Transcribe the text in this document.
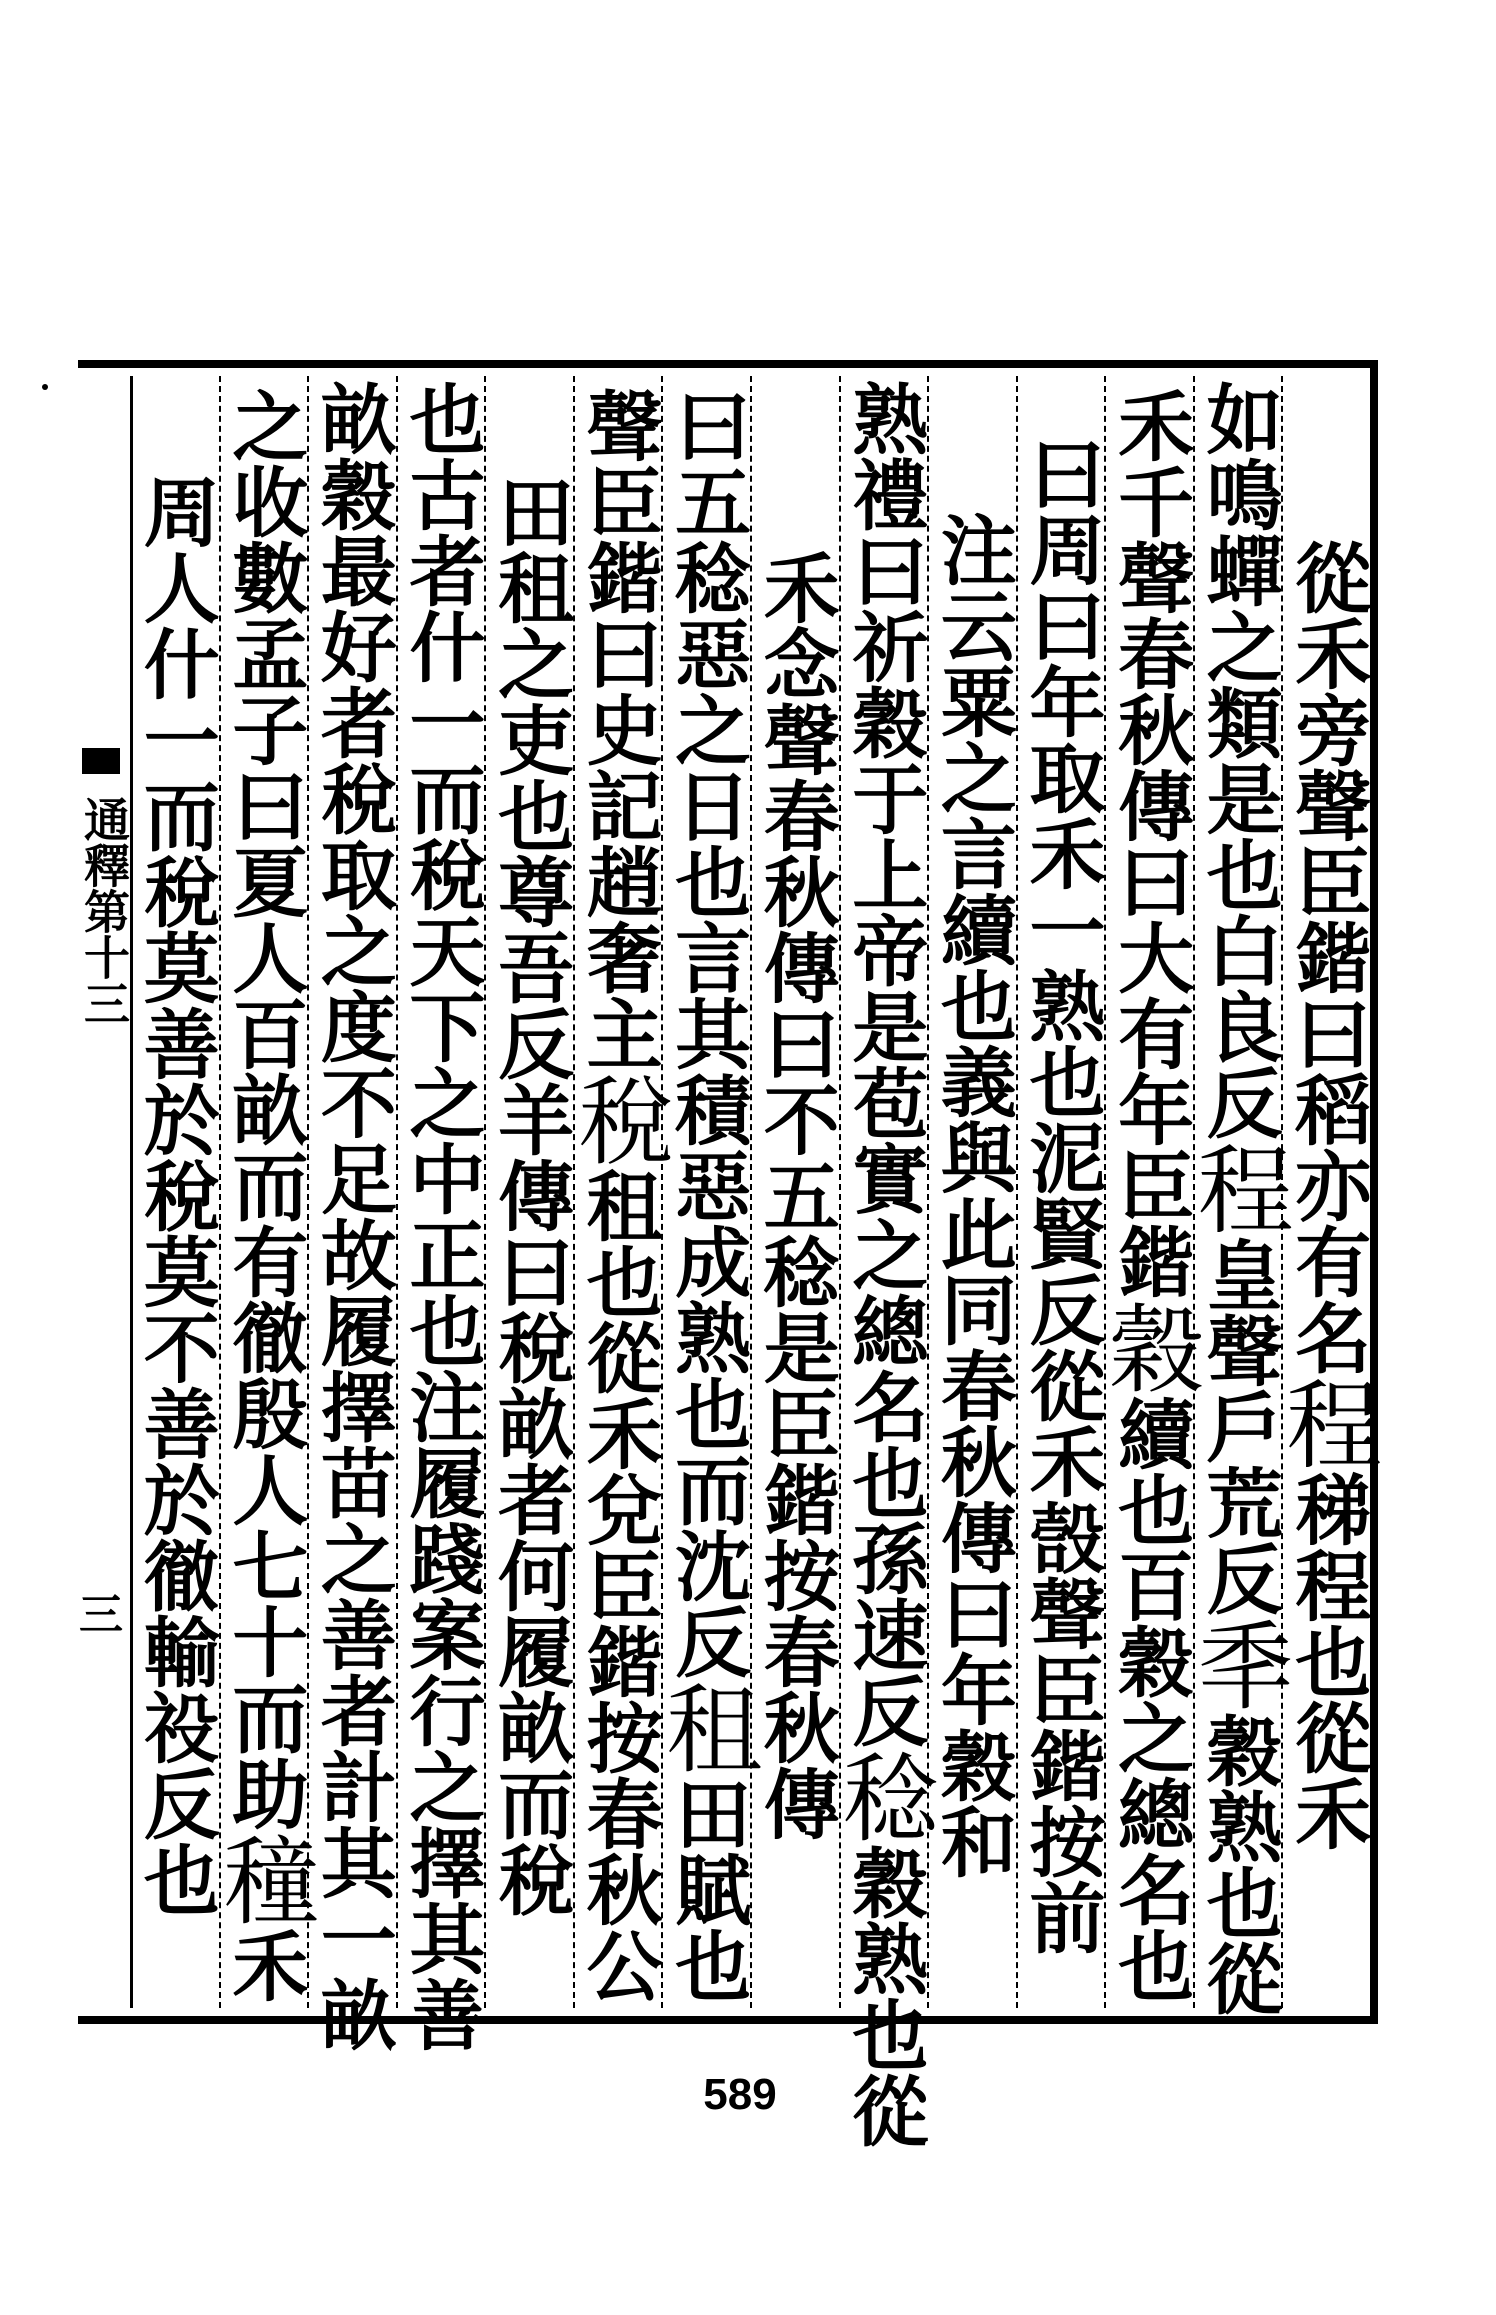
從禾旁聲臣鍇曰稻亦有名程稊程也從禾
如鳴蟬之類是也白良反程皇聲戶荒反秊穀熟也從
禾千聲春秋傳曰大有年臣鍇穀續也百穀之總名也
曰周曰年取禾一熟也泥賢反從禾嗀聲臣鍇按前
注云粟之言續也義與此同春秋傳曰年穀和
熟禮曰祈穀于上帝是苞實之總名也孫速反稔穀熟也從
禾念聲春秋傳曰不五稔是臣鍇按春秋傳
曰五稔惡之日也言其積惡成熟也而沈反租田賦也
聲臣鍇曰史記趙奢主稅租也從禾兌臣鍇按春秋公
田租之吏也尊吾反羊傳曰稅畝者何履畝而稅
也古者什一而稅天下之中正也注履踐案行之擇其善
畝穀最好者稅取之度不足故履擇苗之善者計其一畝
之收數孟子曰夏人百畝而有徹殷人七十而助穜禾
周人什一而稅莫善於稅莫不善於徹輸祋反也
通釋第十三
三
589
